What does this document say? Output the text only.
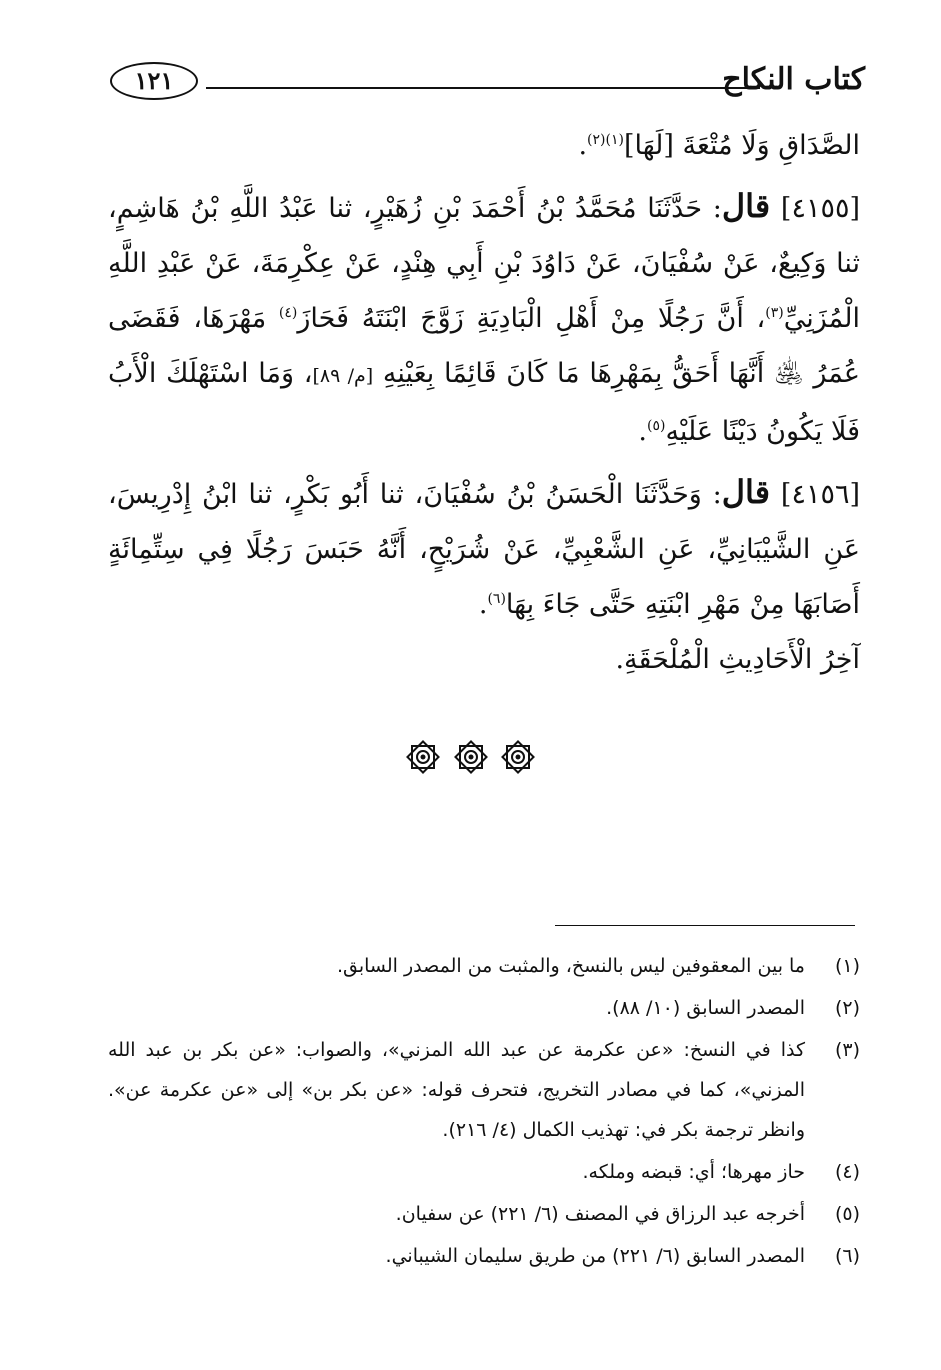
١٢١	كتاب النكاح

الصَّدَاقِ وَلَا مُتْعَةَ [لَهَا]$^{(١)(٢)}$.

[٤١٥٥] قال: حَدَّثَنَا مُحَمَّدُ بْنُ أَحْمَدَ بْنِ زُهَيْرٍ، ثنا عَبْدُ اللَّهِ بْنُ هَاشِمٍ، ثنا وَكِيعٌ، عَنْ سُفْيَانَ، عَنْ دَاوُدَ بْنِ أَبِي هِنْدٍ، عَنْ عِكْرِمَةَ، عَنْ عَبْدِ اللَّهِ الْمُزَنِيِّ$^{(٣)}$، أَنَّ رَجُلًا مِنْ أَهْلِ الْبَادِيَةِ زَوَّجَ ابْنَتَهُ فَحَازَ$^{(٤)}$ مَهْرَهَا، فَقَضَى عُمَرُ ﵁ أَنَّهَا أَحَقُّ بِمَهْرِهَا مَا كَانَ قَائِمًا بِعَيْنِهِ [م/ ٨٩]، وَمَا اسْتَهْلَكَ الْأَبُ فَلَا يَكُونُ دَيْنًا عَلَيْهِ$^{(٥)}$.

[٤١٥٦] قال: وَحَدَّثَنَا الْحَسَنُ بْنُ سُفْيَانَ، ثنا أَبُو بَكْرٍ، ثنا ابْنُ إِدْرِيسَ، عَنِ الشَّيْبَانِيِّ، عَنِ الشَّعْبِيِّ، عَنْ شُرَيْحٍ، أَنَّهُ حَبَسَ رَجُلًا فِي سِتِّمِائَةٍ أَصَابَهَا مِنْ مَهْرِ ابْنَتِهِ حَتَّى جَاءَ بِهَا$^{(٦)}$.

آخِرُ الْأَحَادِيثِ الْمُلْحَقَةِ.

(١)
ما بين المعقوفين ليس بالنسخ، والمثبت من المصدر السابق.
(٢)
المصدر السابق (١٠/ ٨٨).
(٣)
كذا في النسخ: «عن عكرمة عن عبد الله المزني»، والصواب: «عن بكر بن عبد الله المزني»، كما في مصادر التخريج، فتحرف قوله: «عن بكر بن» إلى «عن عكرمة عن». وانظر ترجمة بكر في: تهذيب الكمال (٤/ ٢١٦).
(٤)
حاز مهرها؛ أي: قبضه وملكه.
(٥)
أخرجه عبد الرزاق في المصنف (٦/ ٢٢١) عن سفيان.
(٦)
المصدر السابق (٦/ ٢٢١) من طريق سليمان الشيباني.
